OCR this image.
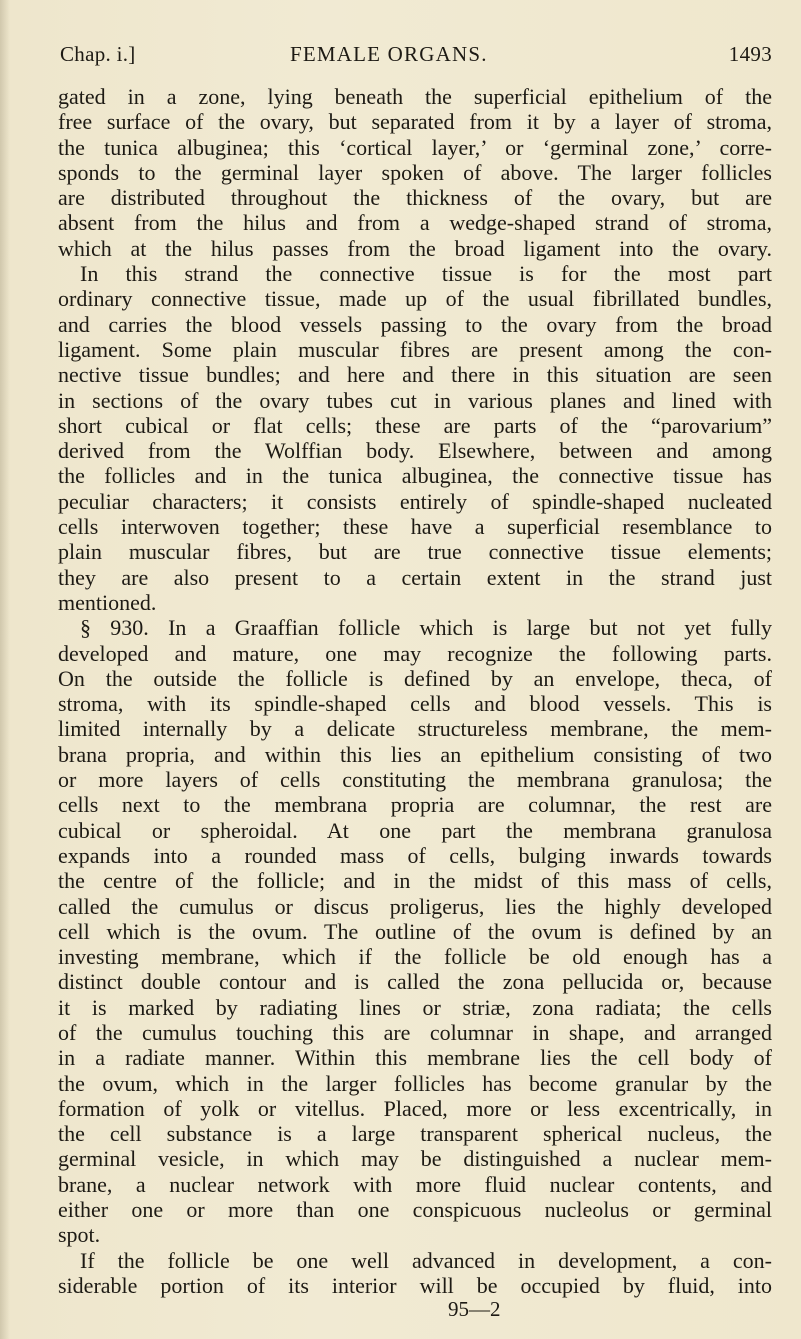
Chap. i.]	FEMALE ORGANS.	1493
gated in a zone, lying beneath the superficial epithelium of the
free surface of the ovary, but separated from it by a layer of stroma,
the tunica albuginea; this ‘cortical layer,’ or ‘germinal zone,’ corre-
sponds to the germinal layer spoken of above. The larger follicles
are distributed throughout the thickness of the ovary, but are
absent from the hilus and from a wedge-shaped strand of stroma,
which at the hilus passes from the broad ligament into the ovary.
In this strand the connective tissue is for the most part
ordinary connective tissue, made up of the usual fibrillated bundles,
and carries the blood vessels passing to the ovary from the broad
ligament. Some plain muscular fibres are present among the con-
nective tissue bundles; and here and there in this situation are seen
in sections of the ovary tubes cut in various planes and lined with
short cubical or flat cells; these are parts of the “parovarium”
derived from the Wolffian body. Elsewhere, between and among
the follicles and in the tunica albuginea, the connective tissue has
peculiar characters; it consists entirely of spindle-shaped nucleated
cells interwoven together; these have a superficial resemblance to
plain muscular fibres, but are true connective tissue elements;
they are also present to a certain extent in the strand just
mentioned.
§ 930. In a Graaffian follicle which is large but not yet fully
developed and mature, one may recognize the following parts.
On the outside the follicle is defined by an envelope, theca, of
stroma, with its spindle-shaped cells and blood vessels. This is
limited internally by a delicate structureless membrane, the mem-
brana propria, and within this lies an epithelium consisting of two
or more layers of cells constituting the membrana granulosa; the
cells next to the membrana propria are columnar, the rest are
cubical or spheroidal. At one part the membrana granulosa
expands into a rounded mass of cells, bulging inwards towards
the centre of the follicle; and in the midst of this mass of cells,
called the cumulus or discus proligerus, lies the highly developed
cell which is the ovum. The outline of the ovum is defined by an
investing membrane, which if the follicle be old enough has a
distinct double contour and is called the zona pellucida or, because
it is marked by radiating lines or striæ, zona radiata; the cells
of the cumulus touching this are columnar in shape, and arranged
in a radiate manner. Within this membrane lies the cell body of
the ovum, which in the larger follicles has become granular by the
formation of yolk or vitellus. Placed, more or less excentrically, in
the cell substance is a large transparent spherical nucleus, the
germinal vesicle, in which may be distinguished a nuclear mem-
brane, a nuclear network with more fluid nuclear contents, and
either one or more than one conspicuous nucleolus or germinal
spot.
If the follicle be one well advanced in development, a con-
siderable portion of its interior will be occupied by fluid, into
95—2
